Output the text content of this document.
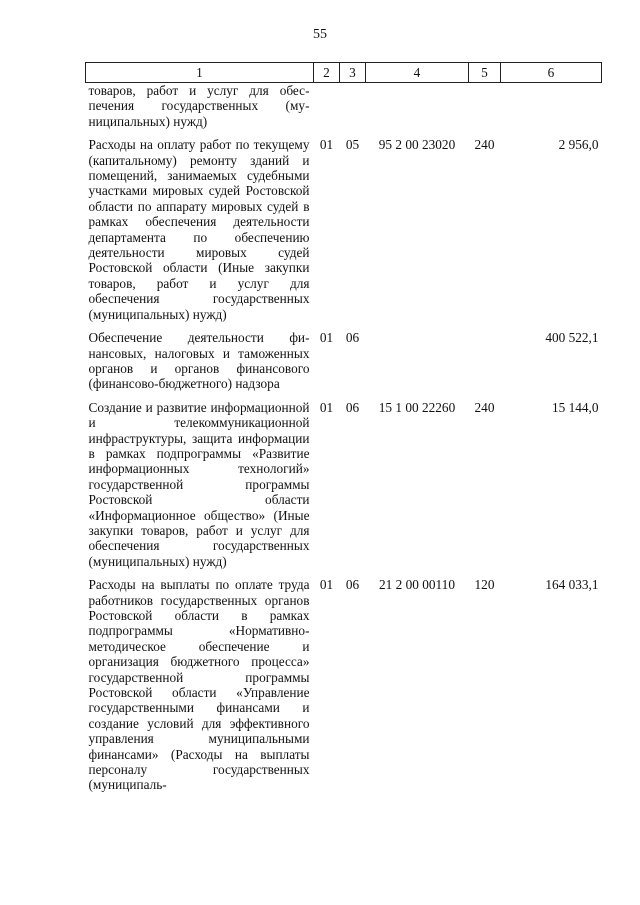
55
1	2	3	4	5	6
товаров, работ и услуг для обеспечения государственных (муниципальных) нужд)					
Расходы на оплату работ по текущему (капитальному) ремонту зданий и помещений, занимаемых судебными участками мировых судей Ростовской области по аппарату мировых судей в рамках обеспечения деятельности департамента по обеспечению деятельности мировых судей Ростовской области (Иные закупки товаров, работ и услуг для обеспечения государственных (муниципальных) нужд)	01	05	95 2 00 23020	240	2 956,0
Обеспечение деятельности финансовых, налоговых и таможенных органов и органов финансового (финансово-бюджетного) надзора	01	06			400 522,1
Создание и развитие информационной и телекоммуникационной инфраструктуры, защита информации в рамках подпрограммы «Развитие информационных технологий» государственной программы Ростовской области «Информационное общество» (Иные закупки товаров, работ и услуг для обеспечения государственных (муниципальных) нужд)	01	06	15 1 00 22260	240	15 144,0
Расходы на выплаты по оплате труда работников государственных органов Ростовской области в рамках подпрограммы «Нормативно-методическое обеспечение и организация бюджетного процесса» государственной программы Ростовской области «Управление государственными финансами и создание условий для эффективного управления муниципальными финансами» (Расходы на выплаты персоналу государственных (муниципаль-	01	06	21 2 00 00110	120	164 033,1
